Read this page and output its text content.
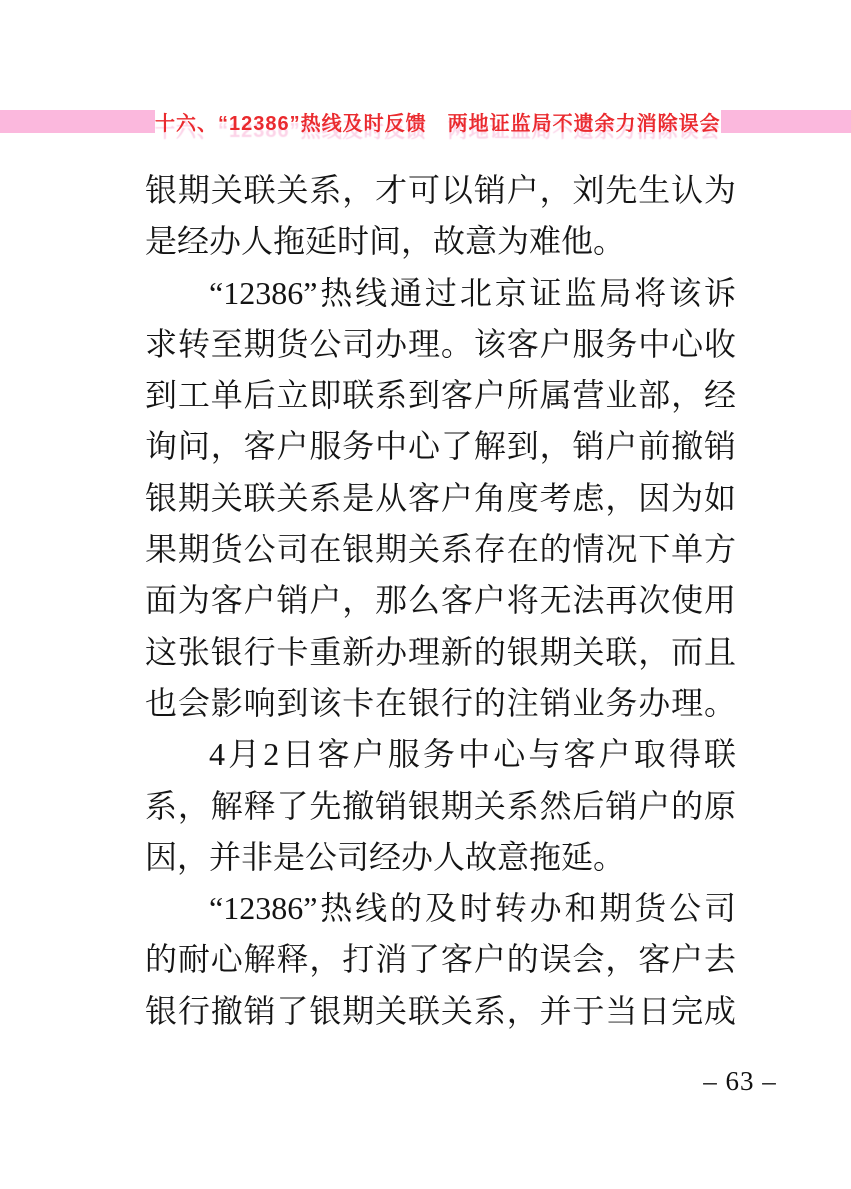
十六、“12386”热线及时反馈　两地证监局不遗余力消除误会
银期关联关系，才可以销户，刘先生认为
是经办人拖延时间，故意为难他。
“12386”热线通过北京证监局将该诉
求转至期货公司办理。该客户服务中心收
到工单后立即联系到客户所属营业部，经
询问，客户服务中心了解到，销户前撤销
银期关联关系是从客户角度考虑，因为如
果期货公司在银期关系存在的情况下单方
面为客户销户，那么客户将无法再次使用
这张银行卡重新办理新的银期关联，而且
也会影响到该卡在银行的注销业务办理。
4月2日客户服务中心与客户取得联
系，解释了先撤销银期关系然后销户的原
因，并非是公司经办人故意拖延。
“12386”热线的及时转办和期货公司
的耐心解释，打消了客户的误会，客户去
银行撤销了银期关联关系，并于当日完成
– 63 –
